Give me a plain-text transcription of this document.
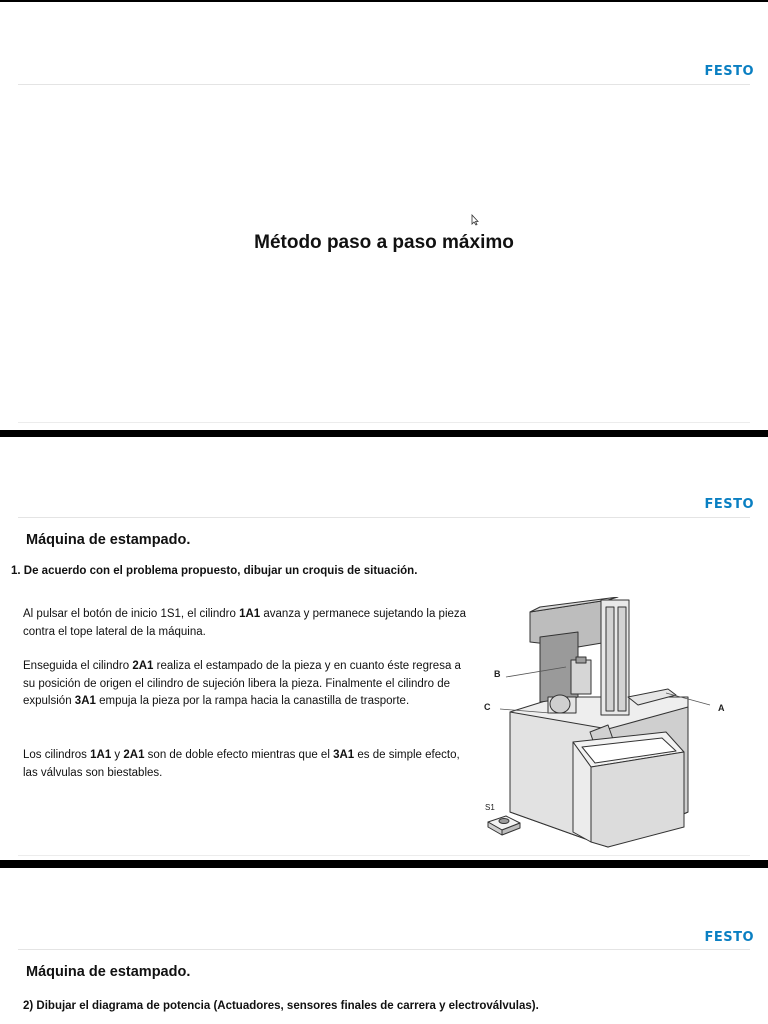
FESTO
Método paso a paso máximo
FESTO
Máquina de estampado.
1. De acuerdo con el problema propuesto, dibujar un croquis de situación.
Al pulsar el botón de inicio 1S1, el cilindro 1A1 avanza y permanece sujetando la pieza contra el tope lateral de la máquina.
Enseguida el cilindro 2A1 realiza el estampado de la pieza y en cuanto éste regresa a su posición de origen el cilindro de sujeción libera la pieza. Finalmente el cilindro de expulsión 3A1 empuja la pieza por la rampa hacia la canastilla de trasporte.
Los cilindros 1A1 y 2A1 son de doble efecto mientras que el 3A1 es de simple efecto, las válvulas son biestables.
B
C	A
S1
FESTO
Máquina de estampado.
2) Dibujar el diagrama de potencia (Actuadores, sensores finales de carrera y electroválvulas).
